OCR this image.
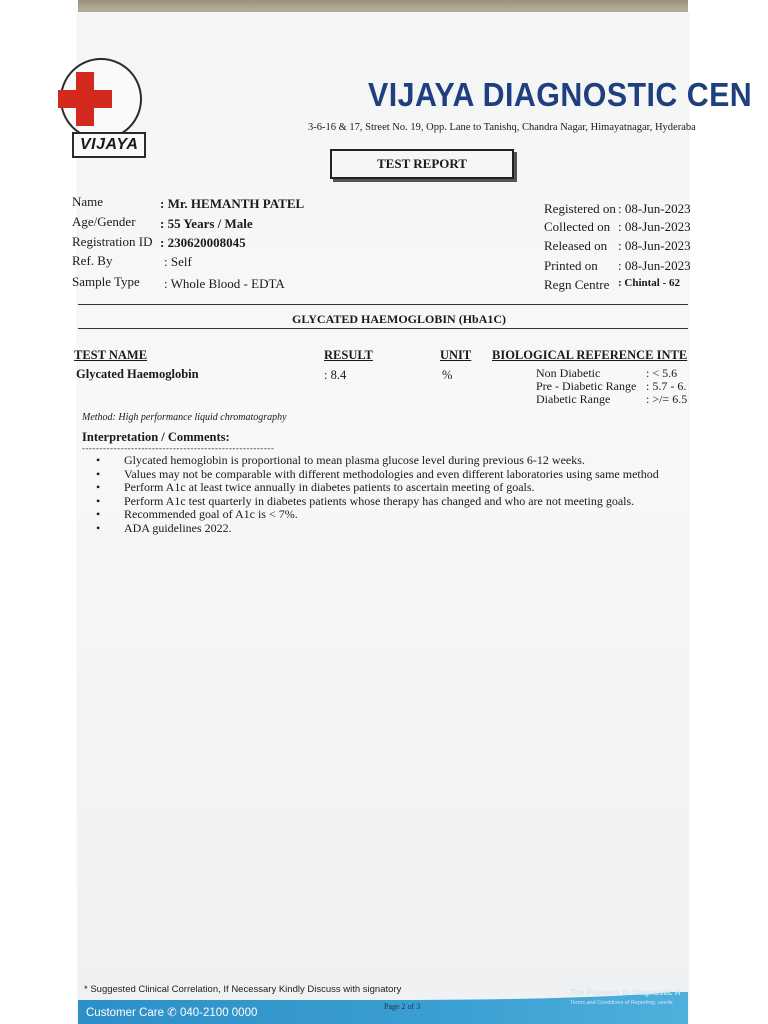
VIJAYA
VIJAYA DIAGNOSTIC CEN
3-6-16 & 17, Street No. 19, Opp. Lane to Tanishq, Chandra Nagar, Himayatnagar, Hyderaba
TEST REPORT
Name	: Mr. HEMANTH PATEL
Age/Gender : 55 Years / Male
Registration ID : 230620008045
Ref. By	: Self
Sample Type : Whole Blood - EDTA
Registered on : 08-Jun-2023
Collected on : 08-Jun-2023
Released on : 08-Jun-2023
Printed on : 08-Jun-2023
Regn Centre : Chintal - 62
GLYCATED HAEMOGLOBIN (HbA1C)
TEST NAME	RESULT	UNIT BIOLOGICAL REFERENCE INTE
Glycated Haemoglobin	: 8.4	%	Non Diabetic	: < 5.6
Pre - Diabetic Range : 5.7 - 6.
Diabetic Range	: >/= 6.5
Method: High performance liquid chromatography
Interpretation / Comments:
-------------------------------------------------------
• Glycated hemoglobin is proportional to mean plasma glucose level during previous 6-12 weeks.
• Values may not be comparable with different methodologies and even different laboratories using same method
• Perform A1c at least twice annually in diabetes patients to ascertain meeting of goals.
• Perform A1c test quarterly in diabetes patients whose therapy has changed and who are not meeting goals.
• Recommended goal of A1c is < 7%.
• ADA guidelines 2022.
* Suggested Clinical Correlation, If Necessary Kindly Discuss with signatory
Customer Care ✆ 040-2100 0000
Page 2 of 3
The Pioneers in Diagnostic H
Terms and Conditions of Reporting, overle
